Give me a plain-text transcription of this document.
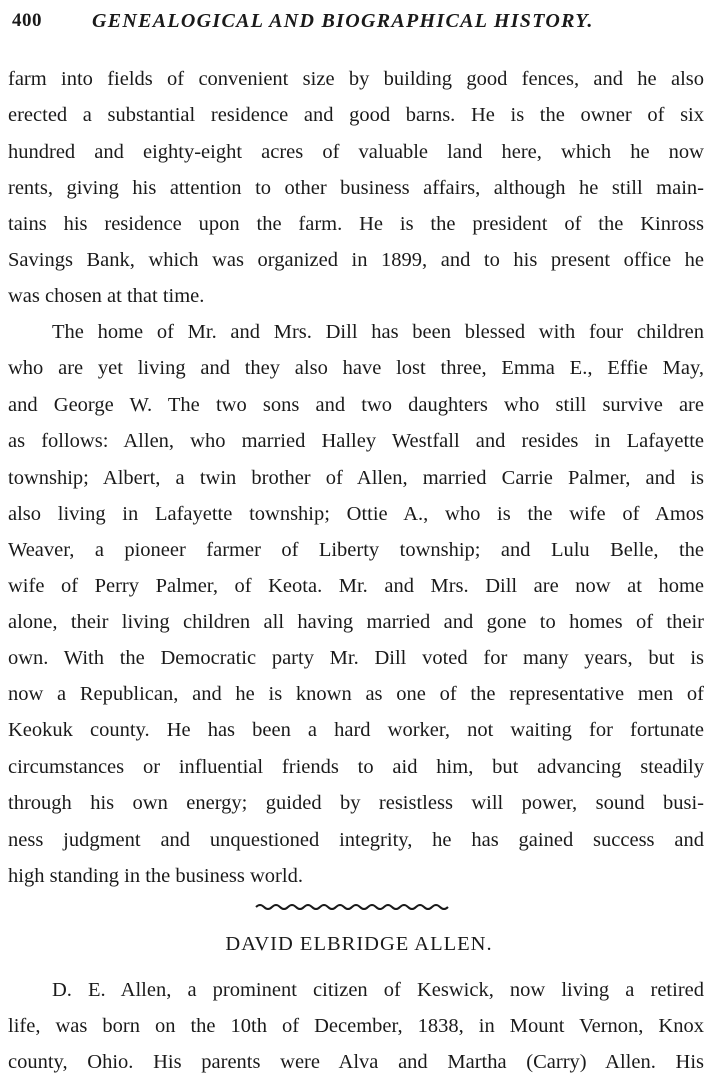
400	GENEALOGICAL AND BIOGRAPHICAL HISTORY.
farm into fields of convenient size by building good fences, and he also
erected a substantial residence and good barns. He is the owner of six
hundred and eighty-eight acres of valuable land here, which he now
rents, giving his attention to other business affairs, although he still main-
tains his residence upon the farm. He is the president of the Kinross
Savings Bank, which was organized in 1899, and to his present office he
was chosen at that time.
The home of Mr. and Mrs. Dill has been blessed with four children
who are yet living and they also have lost three, Emma E., Effie May,
and George W. The two sons and two daughters who still survive are
as follows: Allen, who married Halley Westfall and resides in Lafayette
township; Albert, a twin brother of Allen, married Carrie Palmer, and is
also living in Lafayette township; Ottie A., who is the wife of Amos
Weaver, a pioneer farmer of Liberty township; and Lulu Belle, the
wife of Perry Palmer, of Keota. Mr. and Mrs. Dill are now at home
alone, their living children all having married and gone to homes of their
own. With the Democratic party Mr. Dill voted for many years, but is
now a Republican, and he is known as one of the representative men of
Keokuk county. He has been a hard worker, not waiting for fortunate
circumstances or influential friends to aid him, but advancing steadily
through his own energy; guided by resistless will power, sound busi-
ness judgment and unquestioned integrity, he has gained success and
high standing in the business world.
DAVID ELBRIDGE ALLEN.
D. E. Allen, a prominent citizen of Keswick, now living a retired
life, was born on the 10th of December, 1838, in Mount Vernon, Knox
county, Ohio. His parents were Alva and Martha (Carry) Allen. His
